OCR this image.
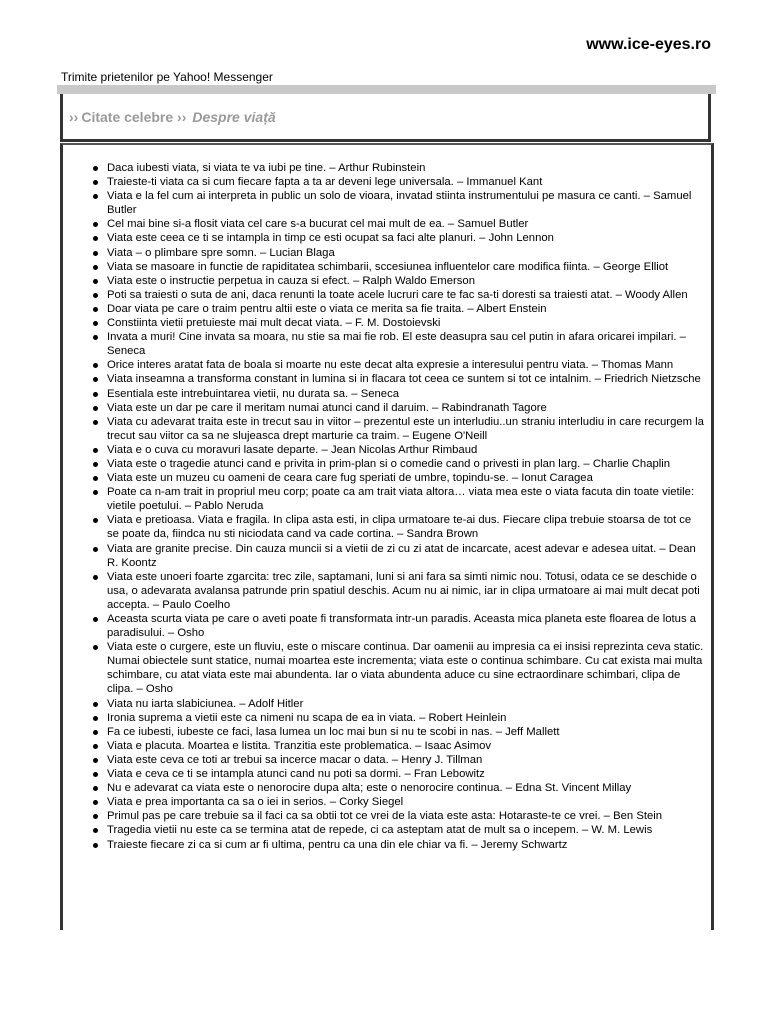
www.ice-eyes.ro
Trimite prietenilor pe Yahoo! Messenger
›› Citate celebre ›› Despre viață
Daca iubesti viata, si viata te va iubi pe tine. – Arthur Rubinstein
Traieste-ti viata ca si cum fiecare fapta a ta ar deveni lege universala. – Immanuel Kant
Viata e la fel cum ai interpreta in public un solo de vioara, invatad stiinta instrumentului pe masura ce canti. – Samuel Butler
Cel mai bine si-a flosit viata cel care s-a bucurat cel mai mult de ea. – Samuel Butler
Viata este ceea ce ti se intampla in timp ce esti ocupat sa faci alte planuri. – John Lennon
Viata – o plimbare spre somn. – Lucian Blaga
Viata se masoare in functie de rapiditatea schimbarii, sccesiunea influentelor care modifica fiinta. – George Elliot
Viata este o instructie perpetua in cauza si efect. – Ralph Waldo Emerson
Poti sa traiesti o suta de ani, daca renunti la toate acele lucruri care te fac sa-ti doresti sa traiesti atat. – Woody Allen
Doar viata pe care o traim pentru altii este o viata ce merita sa fie traita. – Albert Enstein
Constiinta vietii pretuieste mai mult decat viata. – F. M. Dostoievski
Invata a muri! Cine invata sa moara, nu stie sa mai fie rob. El este deasupra sau cel putin in afara oricarei impilari. – Seneca
Orice interes aratat fata de boala si moarte nu este decat alta expresie a interesului pentru viata. – Thomas Mann
Viata inseamna a transforma constant in lumina si in flacara tot ceea ce suntem si tot ce intalnim. – Friedrich Nietzsche
Esentiala este intrebuintarea vietii, nu durata sa. – Seneca
Viata este un dar pe care il meritam numai atunci cand il daruim. – Rabindranath Tagore
Viata cu adevarat traita este in trecut sau in viitor – prezentul este un interludiu..un straniu interludiu in care recurgem la trecut sau viitor ca sa ne slujeasca drept marturie ca traim. – Eugene O'Neill
Viata e o cuva cu moravuri lasate departe. – Jean Nicolas Arthur Rimbaud
Viata este o tragedie atunci cand e privita in prim-plan si o comedie cand o privesti in plan larg. – Charlie Chaplin
Viata este un muzeu cu oameni de ceara care fug speriati de umbre, topindu-se. – Ionut Caragea
Poate ca n-am trait in propriul meu corp; poate ca am trait viata altora… viata mea este o viata facuta din toate vietile: vietile poetului. – Pablo Neruda
Viata e pretioasa. Viata e fragila. In clipa asta esti, in clipa urmatoare te-ai dus. Fiecare clipa trebuie stoarsa de tot ce se poate da, fiindca nu sti niciodata cand va cade cortina. – Sandra Brown
Viata are granite precise. Din cauza muncii si a vietii de zi cu zi atat de incarcate, acest adevar e adesea uitat. – Dean R. Koontz
Viata este unoeri foarte zgarcita: trec zile, saptamani, luni si ani fara sa simti nimic nou. Totusi, odata ce se deschide o usa, o adevarata avalansa patrunde prin spatiul deschis. Acum nu ai nimic, iar in clipa urmatoare ai mai mult decat poti accepta. – Paulo Coelho
Aceasta scurta viata pe care o aveti poate fi transformata intr-un paradis. Aceasta mica planeta este floarea de lotus a paradisului. – Osho
Viata este o curgere, este un fluviu, este o miscare continua. Dar oamenii au impresia ca ei insisi reprezinta ceva static. Numai obiectele sunt statice, numai moartea este incrementa; viata este o continua schimbare. Cu cat exista mai multa schimbare, cu atat viata este mai abundenta. Iar o viata abundenta aduce cu sine ectraordinare schimbari, clipa de clipa. – Osho
Viata nu iarta slabiciunea. – Adolf Hitler
Ironia suprema a vietii este ca nimeni nu scapa de ea in viata. – Robert Heinlein
Fa ce iubesti, iubeste ce faci, lasa lumea un loc mai bun si nu te scobi in nas. – Jeff Mallett
Viata e placuta. Moartea e listita. Tranzitia este problematica. – Isaac Asimov
Viata este ceva ce toti ar trebui sa incerce macar o data. – Henry J. Tillman
Viata e ceva ce ti se intampla atunci cand nu poti sa dormi. – Fran Lebowitz
Nu e adevarat ca viata este o nenorocire dupa alta; este o nenorocire continua. – Edna St. Vincent Millay
Viata e prea importanta ca sa o iei in serios. – Corky Siegel
Primul pas pe care trebuie sa il faci ca sa obtii tot ce vrei de la viata este asta: Hotaraste-te ce vrei. – Ben Stein
Tragedia vietii nu este ca se termina atat de repede, ci ca asteptam atat de mult sa o incepem. – W. M. Lewis
Traieste fiecare zi ca si cum ar fi ultima, pentru ca una din ele chiar va fi. – Jeremy Schwartz
